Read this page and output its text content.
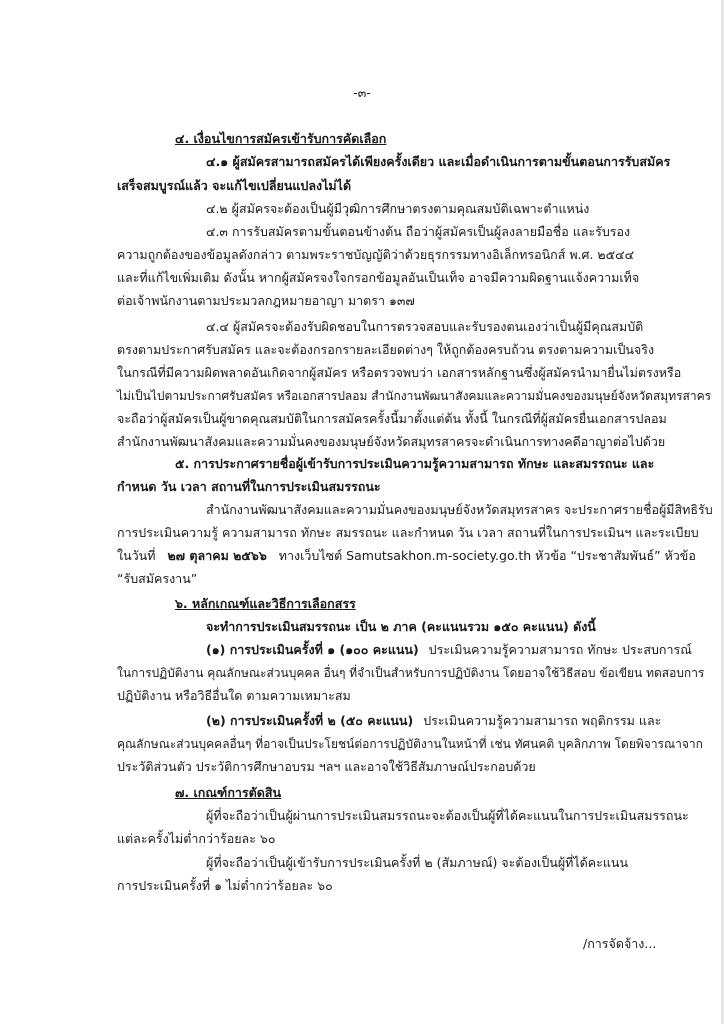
-๓-
๔. เงื่อนไขการสมัครเข้ารับการคัดเลือก
๔.๑ ผู้สมัครสามารถสมัครได้เพียงครั้งเดียว และเมื่อดำเนินการตามขั้นตอนการรับสมัคร
เสร็จสมบูรณ์แล้ว จะแก้ไขเปลี่ยนแปลงไม่ได้
๔.๒ ผู้สมัครจะต้องเป็นผู้มีวุฒิการศึกษาตรงตามคุณสมบัติเฉพาะตำแหน่ง
๔.๓ การรับสมัครตามขั้นตอนข้างต้น ถือว่าผู้สมัครเป็นผู้ลงลายมือชื่อ และรับรอง
ความถูกต้องของข้อมูลดังกล่าว ตามพระราชบัญญัติว่าด้วยธุรกรรมทางอิเล็กทรอนิกส์ พ.ศ. ๒๕๔๔
และที่แก้ไขเพิ่มเติม ดังนั้น หากผู้สมัครจงใจกรอกข้อมูลอันเป็นเท็จ อาจมีความผิดฐานแจ้งความเท็จ
ต่อเจ้าพนักงานตามประมวลกฎหมายอาญา มาตรา ๑๓๗
๔.๔ ผู้สมัครจะต้องรับผิดชอบในการตรวจสอบและรับรองตนเองว่าเป็นผู้มีคุณสมบัติ
ตรงตามประกาศรับสมัคร และจะต้องกรอกรายละเอียดต่างๆ ให้ถูกต้องครบถ้วน ตรงตามความเป็นจริง
ในกรณีที่มีความผิดพลาดอันเกิดจากผู้สมัคร หรือตรวจพบว่า เอกสารหลักฐานซึ่งผู้สมัครนำมายื่นไม่ตรงหรือ
ไม่เป็นไปตามประกาศรับสมัคร หรือเอกสารปลอม สำนักงานพัฒนาสังคมและความมั่นคงของมนุษย์จังหวัดสมุทรสาคร
จะถือว่าผู้สมัครเป็นผู้ขาดคุณสมบัติในการสมัครครั้งนี้มาตั้งแต่ต้น ทั้งนี้ ในกรณีที่ผู้สมัครยื่นเอกสารปลอม
สำนักงานพัฒนาสังคมและความมั่นคงของมนุษย์จังหวัดสมุทรสาครจะดำเนินการทางคดีอาญาต่อไปด้วย
๕. การประกาศรายชื่อผู้เข้ารับการประเมินความรู้ความสามารถ ทักษะ และสมรรถนะ และ
กำหนด วัน เวลา สถานที่ในการประเมินสมรรถนะ
สำนักงานพัฒนาสังคมและความมั่นคงของมนุษย์จังหวัดสมุทรสาคร จะประกาศรายชื่อผู้มีสิทธิรับ
การประเมินความรู้ ความสามารถ ทักษะ สมรรถนะ และกำหนด วัน เวลา สถานที่ในการประเมินฯ และระเบียบ
ในวันที่ ๒๗ ตุลาคม ๒๕๖๖ ทางเว็บไซต์ Samutsakhon.m-society.go.th หัวข้อ “ประชาสัมพันธ์” หัวข้อ
“รับสมัครงาน”
๖. หลักเกณฑ์และวิธีการเลือกสรร
จะทำการประเมินสมรรถนะ เป็น ๒ ภาค (คะแนนรวม ๑๕๐ คะแนน) ดังนี้
(๑) การประเมินครั้งที่ ๑ (๑๐๐ คะแนน) ประเมินความรู้ความสามารถ ทักษะ ประสบการณ์
ในการปฏิบัติงาน คุณลักษณะส่วนบุคคล อื่นๆ ที่จำเป็นสำหรับการปฏิบัติงาน โดยอาจใช้วิธีสอบ ข้อเขียน ทดสอบการ
ปฏิบัติงาน หรือวิธีอื่นใด ตามความเหมาะสม
(๒) การประเมินครั้งที่ ๒ (๕๐ คะแนน) ประเมินความรู้ความสามารถ พฤติกรรม และ
คุณลักษณะส่วนบุคคลอื่นๆ ที่อาจเป็นประโยชน์ต่อการปฏิบัติงานในหน้าที่ เช่น ทัศนคติ บุคลิกภาพ โดยพิจารณาจาก
ประวัติส่วนตัว ประวัติการศึกษาอบรม ฯลฯ และอาจใช้วิธีสัมภาษณ์ประกอบด้วย
๗. เกณฑ์การตัดสิน
ผู้ที่จะถือว่าเป็นผู้ผ่านการประเมินสมรรถนะจะต้องเป็นผู้ที่ได้คะแนนในการประเมินสมรรถนะ
แต่ละครั้งไม่ต่ำกว่าร้อยละ ๖๐
ผู้ที่จะถือว่าเป็นผู้เข้ารับการประเมินครั้งที่ ๒ (สัมภาษณ์) จะต้องเป็นผู้ที่ได้คะแนน
การประเมินครั้งที่ ๑ ไม่ต่ำกว่าร้อยละ ๖๐
/การจัดจ้าง...
